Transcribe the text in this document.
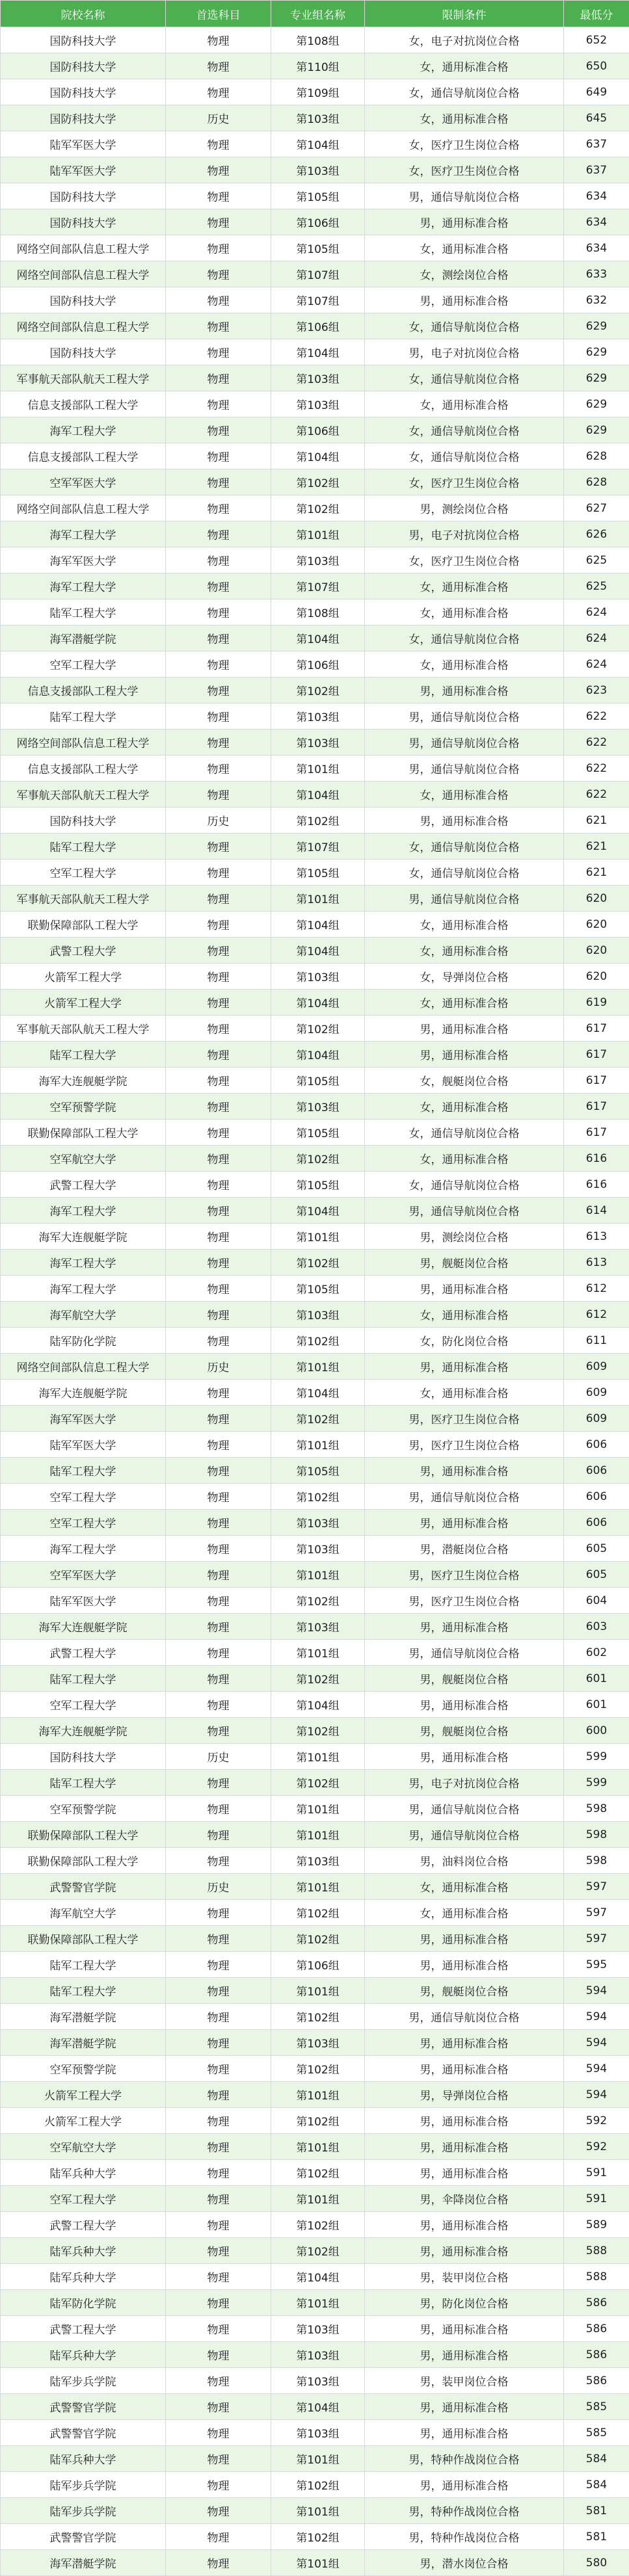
院校名称	首选科目	专业组名称	限制条件	最低分
国防科技大学	物理	第108组	女，电子对抗岗位合格	652
国防科技大学	物理	第110组	女，通用标准合格	650
国防科技大学	物理	第109组	女，通信导航岗位合格	649
国防科技大学	历史	第103组	女，通用标准合格	645
陆军军医大学	物理	第104组	女，医疗卫生岗位合格	637
陆军军医大学	物理	第103组	女，医疗卫生岗位合格	637
国防科技大学	物理	第105组	男，通信导航岗位合格	634
国防科技大学	物理	第106组	男，通用标准合格	634
网络空间部队信息工程大学	物理	第105组	女，通用标准合格	634
网络空间部队信息工程大学	物理	第107组	女，测绘岗位合格	633
国防科技大学	物理	第107组	男，通用标准合格	632
网络空间部队信息工程大学	物理	第106组	女，通信导航岗位合格	629
国防科技大学	物理	第104组	男，电子对抗岗位合格	629
军事航天部队航天工程大学	物理	第103组	女，通信导航岗位合格	629
信息支援部队工程大学	物理	第103组	女，通用标准合格	629
海军工程大学	物理	第106组	女，通信导航岗位合格	629
信息支援部队工程大学	物理	第104组	女，通信导航岗位合格	628
空军军医大学	物理	第102组	女，医疗卫生岗位合格	628
网络空间部队信息工程大学	物理	第102组	男，测绘岗位合格	627
海军工程大学	物理	第101组	男，电子对抗岗位合格	626
海军军医大学	物理	第103组	女，医疗卫生岗位合格	625
海军工程大学	物理	第107组	女，通用标准合格	625
陆军工程大学	物理	第108组	女，通用标准合格	624
海军潜艇学院	物理	第104组	女，通信导航岗位合格	624
空军工程大学	物理	第106组	女，通用标准合格	624
信息支援部队工程大学	物理	第102组	男，通用标准合格	623
陆军工程大学	物理	第103组	男，通信导航岗位合格	622
网络空间部队信息工程大学	物理	第103组	男，通信导航岗位合格	622
信息支援部队工程大学	物理	第101组	男，通信导航岗位合格	622
军事航天部队航天工程大学	物理	第104组	女，通用标准合格	622
国防科技大学	历史	第102组	男，通用标准合格	621
陆军工程大学	物理	第107组	女，通信导航岗位合格	621
空军工程大学	物理	第105组	女，通信导航岗位合格	621
军事航天部队航天工程大学	物理	第101组	男，通信导航岗位合格	620
联勤保障部队工程大学	物理	第104组	女，通用标准合格	620
武警工程大学	物理	第104组	女，通用标准合格	620
火箭军工程大学	物理	第103组	女，导弹岗位合格	620
火箭军工程大学	物理	第104组	女，通用标准合格	619
军事航天部队航天工程大学	物理	第102组	男，通用标准合格	617
陆军工程大学	物理	第104组	男，通用标准合格	617
海军大连舰艇学院	物理	第105组	女，舰艇岗位合格	617
空军预警学院	物理	第103组	女，通用标准合格	617
联勤保障部队工程大学	物理	第105组	女，通信导航岗位合格	617
空军航空大学	物理	第102组	女，通用标准合格	616
武警工程大学	物理	第105组	女，通信导航岗位合格	616
海军工程大学	物理	第104组	男，通信导航岗位合格	614
海军大连舰艇学院	物理	第101组	男，测绘岗位合格	613
海军工程大学	物理	第102组	男，舰艇岗位合格	613
海军工程大学	物理	第105组	男，通用标准合格	612
海军航空大学	物理	第103组	女，通用标准合格	612
陆军防化学院	物理	第102组	女，防化岗位合格	611
网络空间部队信息工程大学	历史	第101组	男，通用标准合格	609
海军大连舰艇学院	物理	第104组	女，通用标准合格	609
海军军医大学	物理	第102组	男，医疗卫生岗位合格	609
陆军军医大学	物理	第101组	男，医疗卫生岗位合格	606
陆军工程大学	物理	第105组	男，通用标准合格	606
空军工程大学	物理	第102组	男，通信导航岗位合格	606
空军工程大学	物理	第103组	男，通用标准合格	606
海军工程大学	物理	第103组	男，潜艇岗位合格	605
空军军医大学	物理	第101组	男，医疗卫生岗位合格	605
陆军军医大学	物理	第102组	男，医疗卫生岗位合格	604
海军大连舰艇学院	物理	第103组	男，通用标准合格	603
武警工程大学	物理	第101组	男，通信导航岗位合格	602
陆军工程大学	物理	第102组	男，舰艇岗位合格	601
空军工程大学	物理	第104组	男，通用标准合格	601
海军大连舰艇学院	物理	第102组	男，舰艇岗位合格	600
国防科技大学	历史	第101组	男，通用标准合格	599
陆军工程大学	物理	第102组	男，电子对抗岗位合格	599
空军预警学院	物理	第101组	男，通信导航岗位合格	598
联勤保障部队工程大学	物理	第101组	男，通信导航岗位合格	598
联勤保障部队工程大学	物理	第103组	男，油料岗位合格	598
武警警官学院	历史	第101组	女，通用标准合格	597
海军航空大学	物理	第102组	女，通用标准合格	597
联勤保障部队工程大学	物理	第102组	男，通用标准合格	597
陆军工程大学	物理	第106组	男，通用标准合格	595
陆军工程大学	物理	第101组	男，舰艇岗位合格	594
海军潜艇学院	物理	第102组	男，通信导航岗位合格	594
海军潜艇学院	物理	第103组	男，通用标准合格	594
空军预警学院	物理	第102组	男，通用标准合格	594
火箭军工程大学	物理	第101组	男，导弹岗位合格	594
火箭军工程大学	物理	第102组	男，通用标准合格	592
空军航空大学	物理	第101组	男，通用标准合格	592
陆军兵种大学	物理	第102组	男，通用标准合格	591
空军工程大学	物理	第101组	男，伞降岗位合格	591
武警工程大学	物理	第102组	男，通用标准合格	589
陆军兵种大学	物理	第102组	男，通用标准合格	588
陆军兵种大学	物理	第104组	男，装甲岗位合格	588
陆军防化学院	物理	第101组	男，防化岗位合格	586
武警工程大学	物理	第103组	男，通用标准合格	586
陆军兵种大学	物理	第103组	男，通用标准合格	586
陆军步兵学院	物理	第103组	男，装甲岗位合格	586
武警警官学院	物理	第104组	男，通用标准合格	585
武警警官学院	物理	第103组	男，通用标准合格	585
陆军兵种大学	物理	第101组	男，特种作战岗位合格	584
陆军步兵学院	物理	第102组	男，通用标准合格	584
陆军步兵学院	物理	第101组	男，特种作战岗位合格	581
武警警官学院	物理	第102组	男，特种作战岗位合格	581
海军潜艇学院	物理	第101组	男，潜水岗位合格	580
